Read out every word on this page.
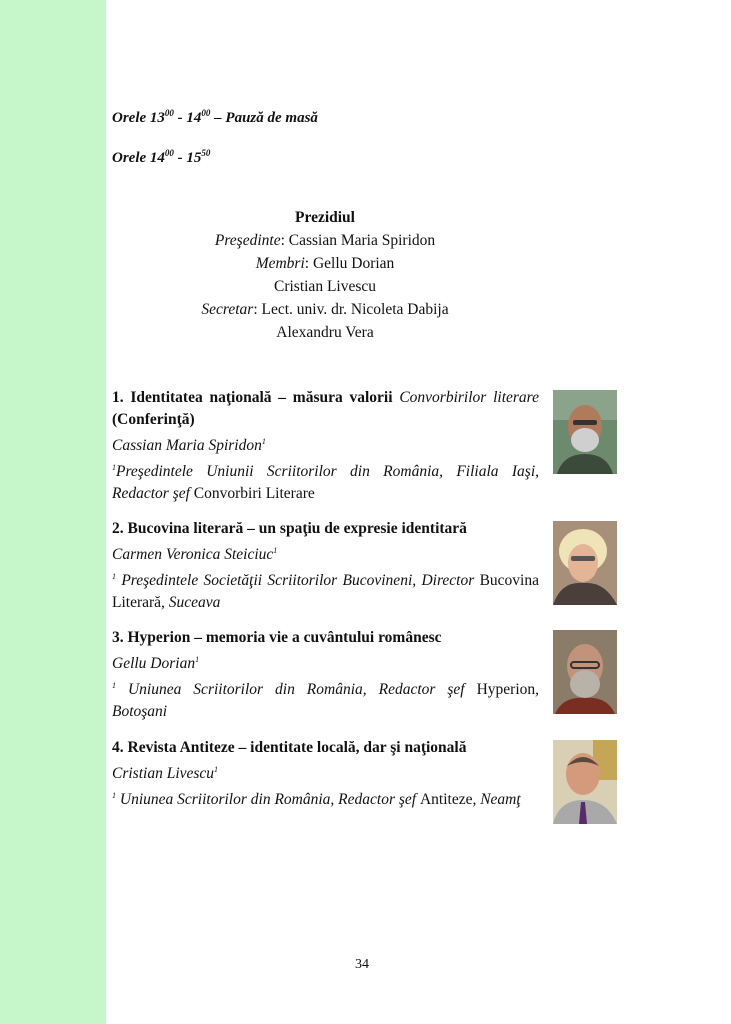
Orele $13^{00} - 14^{00}$ – Pauză de masă
Orele $14^{00} - 15^{50}$
Prezidiul
Preşedinte: Cassian Maria Spiridon
Membri: Gellu Dorian
Cristian Livescu
Secretar: Lect. univ. dr. Nicoleta Dabija
Alexandru Vera
1. Identitatea naţională – măsura valorii Convorbirilor literare (Conferinţă)
Cassian Maria Spiridon$^1$
$^1$Preşedintele Uniunii Scriitorilor din România, Filiala Iaşi, Redactor şef Convorbiri Literare
2. Bucovina literară – un spaţiu de expresie identitară
Carmen Veronica Steiciuc$^1$
$^1$ Preşedintele Societăţii Scriitorilor Bucovineni, Director Bucovina Literară, Suceava
3. Hyperion – memoria vie a cuvântului românesc
Gellu Dorian$^1$
$^1$ Uniunea Scriitorilor din România, Redactor şef Hyperion, Botoşani
4. Revista Antiteze – identitate locală, dar şi naţională
Cristian Livescu$^1$
$^1$ Uniunea Scriitorilor din România, Redactor şef Antiteze, Neamţ
34
